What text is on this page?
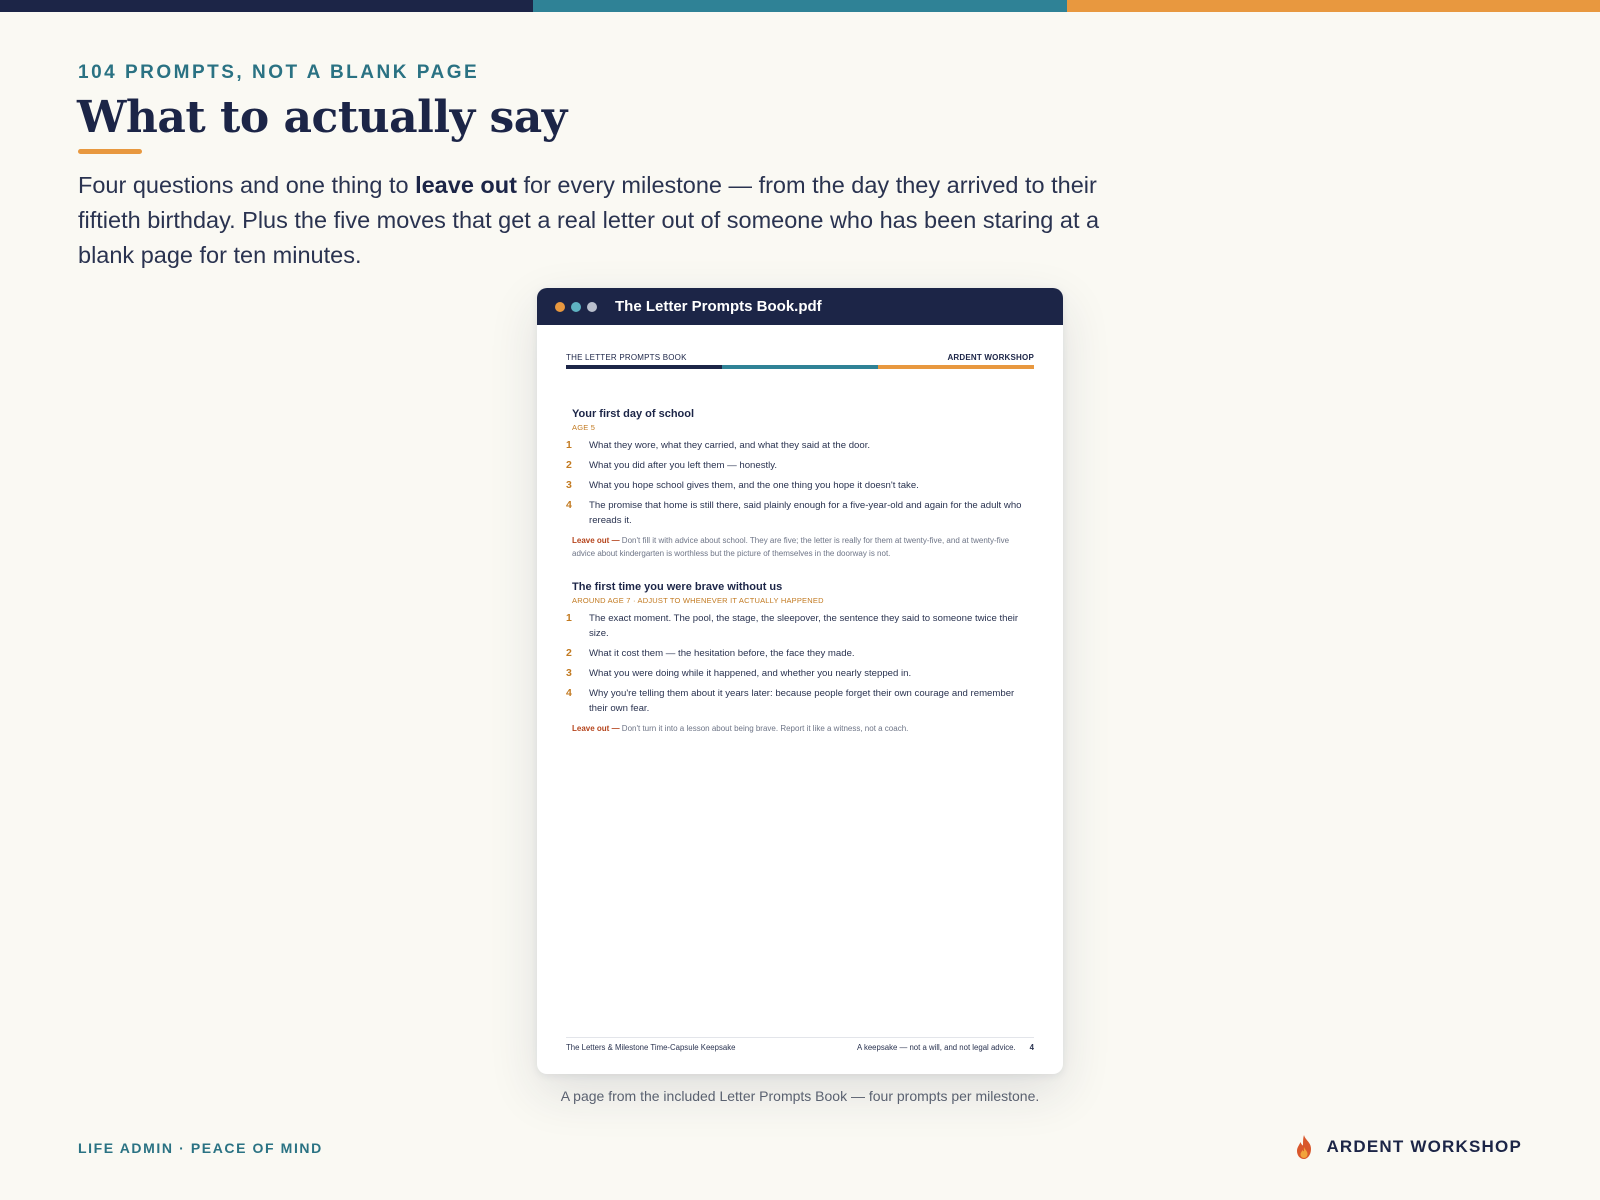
104 PROMPTS, NOT A BLANK PAGE
What to actually say

Four questions and one thing to leave out for every milestone — from the day they arrived to their fiftieth birthday. Plus the five moves that get a real letter out of someone who has been staring at a blank page for ten minutes.

The Letter Prompts Book.pdf
THE LETTER PROMPTS BOOK	ARDENT WORKSHOP
Your first day of school
AGE 5
1	What they wore, what they carried, and what they said at the door.
2	What you did after you left them — honestly.
3	What you hope school gives them, and the one thing you hope it doesn't take.
4	The promise that home is still there, said plainly enough for a five-year-old and again for the adult who rereads it.
Leave out — Don't fill it with advice about school. They are five; the letter is really for them at twenty-five, and at twenty-five advice about kindergarten is worthless but the picture of themselves in the doorway is not.
The first time you were brave without us
AROUND AGE 7 · ADJUST TO WHENEVER IT ACTUALLY HAPPENED
1	The exact moment. The pool, the stage, the sleepover, the sentence they said to someone twice their size.
2	What it cost them — the hesitation before, the face they made.
3	What you were doing while it happened, and whether you nearly stepped in.
4	Why you're telling them about it years later: because people forget their own courage and remember their own fear.
Leave out — Don't turn it into a lesson about being brave. Report it like a witness, not a coach.
The Letters & Milestone Time-Capsule Keepsake	A keepsake — not a will, and not legal advice. 4
A page from the included Letter Prompts Book — four prompts per milestone.
LIFE ADMIN · PEACE OF MIND	ARDENT WORKSHOP
